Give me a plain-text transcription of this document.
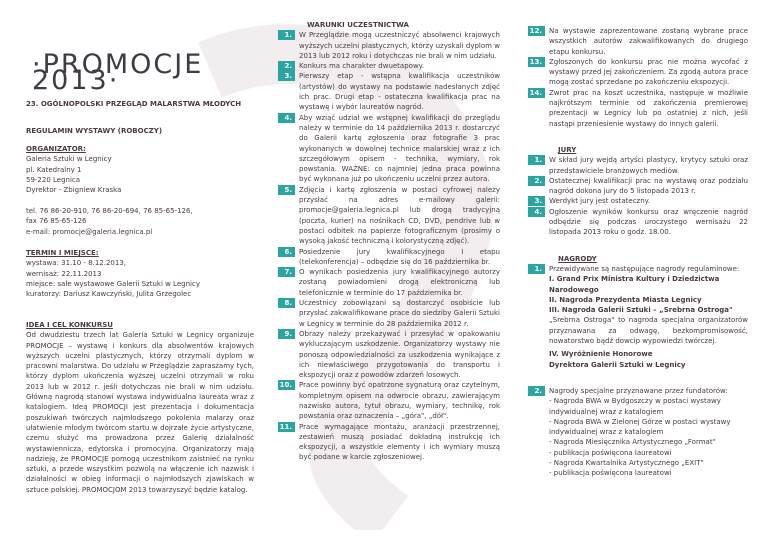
·PROMOCJE 2013·
23. OGÓLNOPOLSKI PRZEGLĄD MALARSTWA MŁODYCH
REGULAMIN WYSTAWY (ROBOCZY)
ORGANIZATOR:

Galeria Sztuki w Legnicy

pl. Katedralny 1

59-220 Legnica

Dyrektor - Zbigniew Kraska

tel. 76 86-20-910, 76 86-20-694, 76 85-65-126,

fax 76 85-65-126

e-mail: promocje@galeria.legnica.pl

TERMIN I MIEJSCE:

wystawa: 31.10 - 8.12.2013,

wernisaż: 22.11.2013

miejsce: sale wystawowe Galerii Sztuki w Legnicy

kuratorzy: Dariusz Kawczyński, Julita Grzegolec

IDEA I CEL KONKURSU

Od dwudziestu trzech lat Galeria Sztuki w Legnicy organizuje PROMOCJE – wystawę i konkurs dla absolwentów krajowych wyższych uczelni plastycznych, którzy otrzymali dyplom w pracowni malarstwa. Do udziału w Przeglądzie zapraszamy tych, którzy dyplom ukończenia wyższej uczelni otrzymali w roku 2013 lub w 2012 r. jeśli dotychczas nie brali w nim udziału. Główną nagrodą stanowi wystawa indywidualna laureata wraz z katalogiem. Ideą PROMOCJI jest prezentacja i dokumentacja poszukiwań twórczych najmłodszego pokolenia malarzy oraz ułatwienie młodym twórcom startu w dojrzałe życie artystyczne, czemu służyć ma prowadzona przez Galerię działalność wystawiennicza, edytorska i promocyjna. Organizatorzy mają nadzieję, że PROMOCJE pomogą uczestnikom zaistnieć na rynku sztuki, a przede wszystkim pozwolą na włączenie ich nazwisk i działalności w obieg informacji o najmłodszych zjawiskach w sztuce polskiej. PROMOCJOM 2013 towarzyszyć będzie katalog.

WARUNKI UCZESTNICTWA
1.	W Przeglądzie mogą uczestniczyć absolwenci krajowych wyższych uczelni plastycznych, którzy uzyskali dyplom w 2013 lub 2012 roku i dotychczas nie brali w nim udziału.
2.	Konkurs ma charakter dwuetapowy.
3.	Pierwszy etap - wstępna kwalifikacja uczestników (artystów) do wystawy na podstawie nadesłanych zdjęć ich prac. Drugi etap - ostateczna kwalifikacja prac na wystawę i wybór laureatów nagród.
4.	Aby wziąć udział we wstępnej kwalifikacji do przeglądu należy w terminie do 14 października 2013 r. dostarczyć do Galerii kartę zgłoszenia oraz fotografie 3 prac wykonanych w dowolnej technice malarskiej wraz z ich szczegółowym opisem - technika, wymiary, rok powstania. WAŻNE: co najmniej jedna praca powinna być wykonana już po ukończeniu uczelni przez autora.
5.	Zdjęcia i kartę zgłoszenia w postaci cyfrowej należy przysłać na adres e-mailowy galerii: promocje@galeria.legnica.pl lub drogą tradycyjną (poczta, kurier) na nośnikach CD, DVD, pendrive lub w postaci odbitek na papierze fotograficznym (prosimy o wysoką jakość techniczną i kolorystyczną zdjęć).
6.	Posiedzenie jury kwalifikacyjnego I etapu (telekonferencja) – odbędzie się do 16 października br.
7.	O wynikach posiedzenia jury kwalifikacyjnego autorzy zostaną powiadomieni drogą elektroniczną lub telefonicznie w terminie do 17 października br.
8.	Uczestnicy zobowiązani są dostarczyć osobiście lub przysłać zakwalifikowane prace do siedziby Galerii Sztuki w Legnicy w terminie do 28 października 2012 r.
9.	Obrazy należy przekazywać i przesyłać w opakowaniu wykluczającym uszkodzenie. Organizatorzy wystawy nie ponoszą odpowiedzialności za uszkodzenia wynikające z ich niewłaściwego przygotowania do transportu i ekspozycji oraz z powodów zdarzeń losowych.
10.	Prace powinny być opatrzone sygnaturą oraz czytelnym, kompletnym opisem na odwrocie obrazu, zawierającym nazwisko autora, tytuł obrazu, wymiary, technikę, rok powstania oraz oznaczenia – „góra", „dół".
11.	Prace wymagające montażu, aranżacji przestrzennej, zestawień muszą posiadać dokładną instrukcję ich ekspozycji, a wszystkie elementy i ich wymiary muszą być podane w karcie zgłoszeniowej.
12.	Na wystawie zaprezentowane zostaną wybrane prace wszystkich autorów zakwalifikowanych do drugiego etapu konkursu.
13.	Zgłoszonych do konkursu prac nie można wycofać z wystawy przed jej zakończeniem. Za zgodą autora prace mogą zostać sprzedane po zakończeniu ekspozycji.
14.	Zwrot prac na koszt uczestnika, następuje w możliwie najkrótszym terminie od zakończenia premierowej prezentacji w Legnicy lub po ostatniej z nich, jeśli nastąpi przeniesienie wystawy do innych galerii.
JURY
1.	W skład jury wejdą artyści plastycy, krytycy sztuki oraz przedstawiciele branżowych mediów.
2.	Ostatecznej kwalifikacji prac na wystawę oraz podziału nagród dokona jury do 5 listopada 2013 r.
3.	Werdykt jury jest ostateczny.
4.	Ogłoszenie wyników konkursu oraz wręczenie nagród odbędzie się podczas uroczystego wernisażu 22 listopada 2013 roku o godz. 18.00.
NAGRODY
1.	Przewidywane są następujące nagrody regulaminowe:

I. Grand Prix Ministra Kultury i Dziedzictwa Narodowego

II. Nagroda Prezydenta Miasta Legnicy

III. Nagroda Galerii Sztuki – „Srebrna Ostroga"

„Srebrna Ostroga" to nagroda specjalna organizatorów przyznawana za odwagę, bezkompromisowość, nowatorstwo bądź dowcip wypowiedzi twórczej.

IV. Wyróżnienie Honorowe

Dyrektora Galerii Sztuki w Legnicy

2.	Nagrody specjalne przyznawane przez fundatorów:

- Nagroda BWA w Bydgoszczy w postaci wystawy indywidualnej wraz z katalogiem

- Nagroda BWA w Zielonej Górze w postaci wystawy indywidualnej wraz z katalogiem

- Nagroda Miesięcznika Artystycznego „Format"

- publikacja poświęcona laureatowi

- Nagroda Kwartalnika Artystycznego „EXIT"

- publikacja poświęcona laureatowi
